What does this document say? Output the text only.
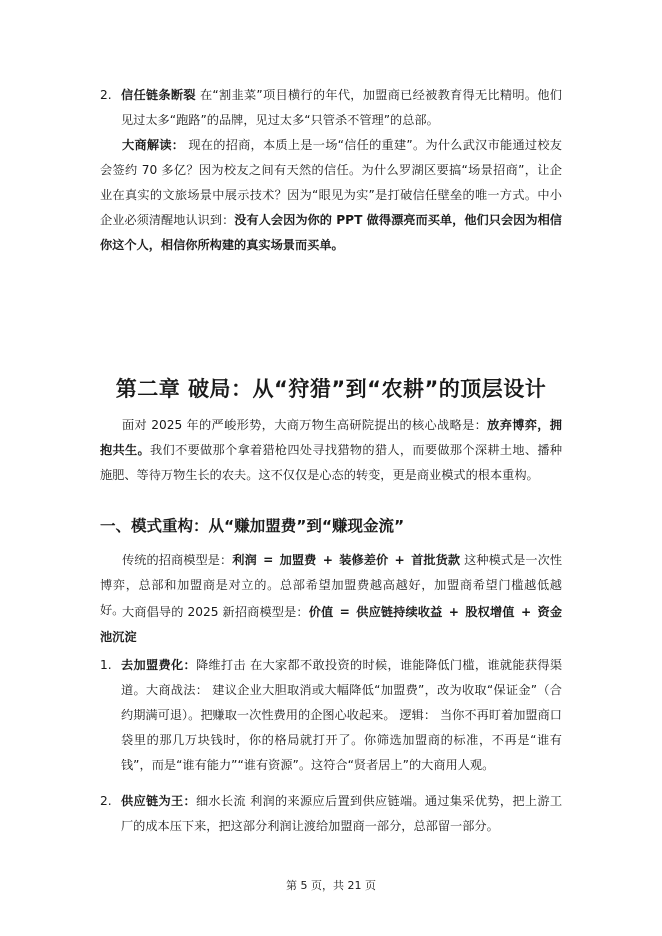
2. 信任链条断裂 在“割韭菜”项目横行的年代，加盟商已经被教育得无比精明。他们见过太多“跑路”的品牌，见过太多“只管杀不管理”的总部。

大商解读： 现在的招商，本质上是一场“信任的重建”。为什么武汉市能通过校友会签约 70 多亿？因为校友之间有天然的信任。为什么罗湖区要搞“场景招商”，让企业在真实的文旅场景中展示技术？因为“眼见为实”是打破信任壁垒的唯一方式。中小企业必须清醒地认识到：没有人会因为你的 PPT 做得漂亮而买单，他们只会因为相信你这个人，相信你所构建的真实场景而买单。

第二章 破局：从“狩猎”到“农耕”的顶层设计

面对 2025 年的严峻形势，大商万物生高研院提出的核心战略是：放弃博弈，拥抱共生。我们不要做那个拿着猎枪四处寻找猎物的猎人，而要做那个深耕土地、播种施肥、等待万物生长的农夫。这不仅仅是心态的转变，更是商业模式的根本重构。

一、模式重构：从“赚加盟费”到“赚现金流”

传统的招商模型是：利润 = 加盟费 + 装修差价 + 首批货款 这种模式是一次性博弈，总部和加盟商是对立的。总部希望加盟费越高越好，加盟商希望门槛越低越好。

大商倡导的 2025 新招商模型是：价值 = 供应链持续收益 + 股权增值 + 资金池沉淀

1. 去加盟费化：降维打击 在大家都不敢投资的时候，谁能降低门槛，谁就能获得渠道。大商战法： 建议企业大胆取消或大幅降低“加盟费”，改为收取“保证金”（合约期满可退）。把赚取一次性费用的企图心收起来。 逻辑： 当你不再盯着加盟商口袋里的那几万块钱时，你的格局就打开了。你筛选加盟商的标准，不再是“谁有钱”，而是“谁有能力”“谁有资源”。这符合“贤者居上”的大商用人观。

2. 供应链为王：细水长流 利润的来源应后置到供应链端。通过集采优势，把上游工厂的成本压下来，把这部分利润让渡给加盟商一部分，总部留一部分。

第 5 页，共 21 页
